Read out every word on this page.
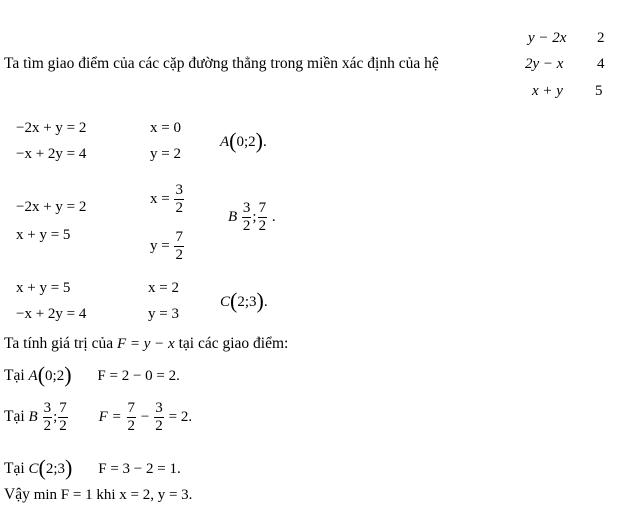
y − 2x 2
2y − x 4
x + y 5
Ta tìm giao điểm của các cặp đường thẳng trong miền xác định của hệ
−2x + y = 2
−x + 2y = 4
x = 0
y = 2
A(0;2).
−2x + y = 2
x + y = 5
$x = \frac{3}{2}$
$y = \frac{7}{2}$
B $\frac{3}{2}$ ; $\frac{7}{2}$ .
x + y = 5
−x + 2y = 4
x = 2
y = 3
C(2;3).
Ta tính giá trị của F = y − x tại các giao điểm:
Tại A(0;2) F = 2 − 0 = 2.
Tại B $\frac{3}{2}$ ; $\frac{7}{2}$ $F = \frac{7}{2} - \frac{3}{2} = 2$.
Tại C(2;3) F = 3 − 2 = 1.
Vậy min F = 1 khi x = 2, y = 3.
